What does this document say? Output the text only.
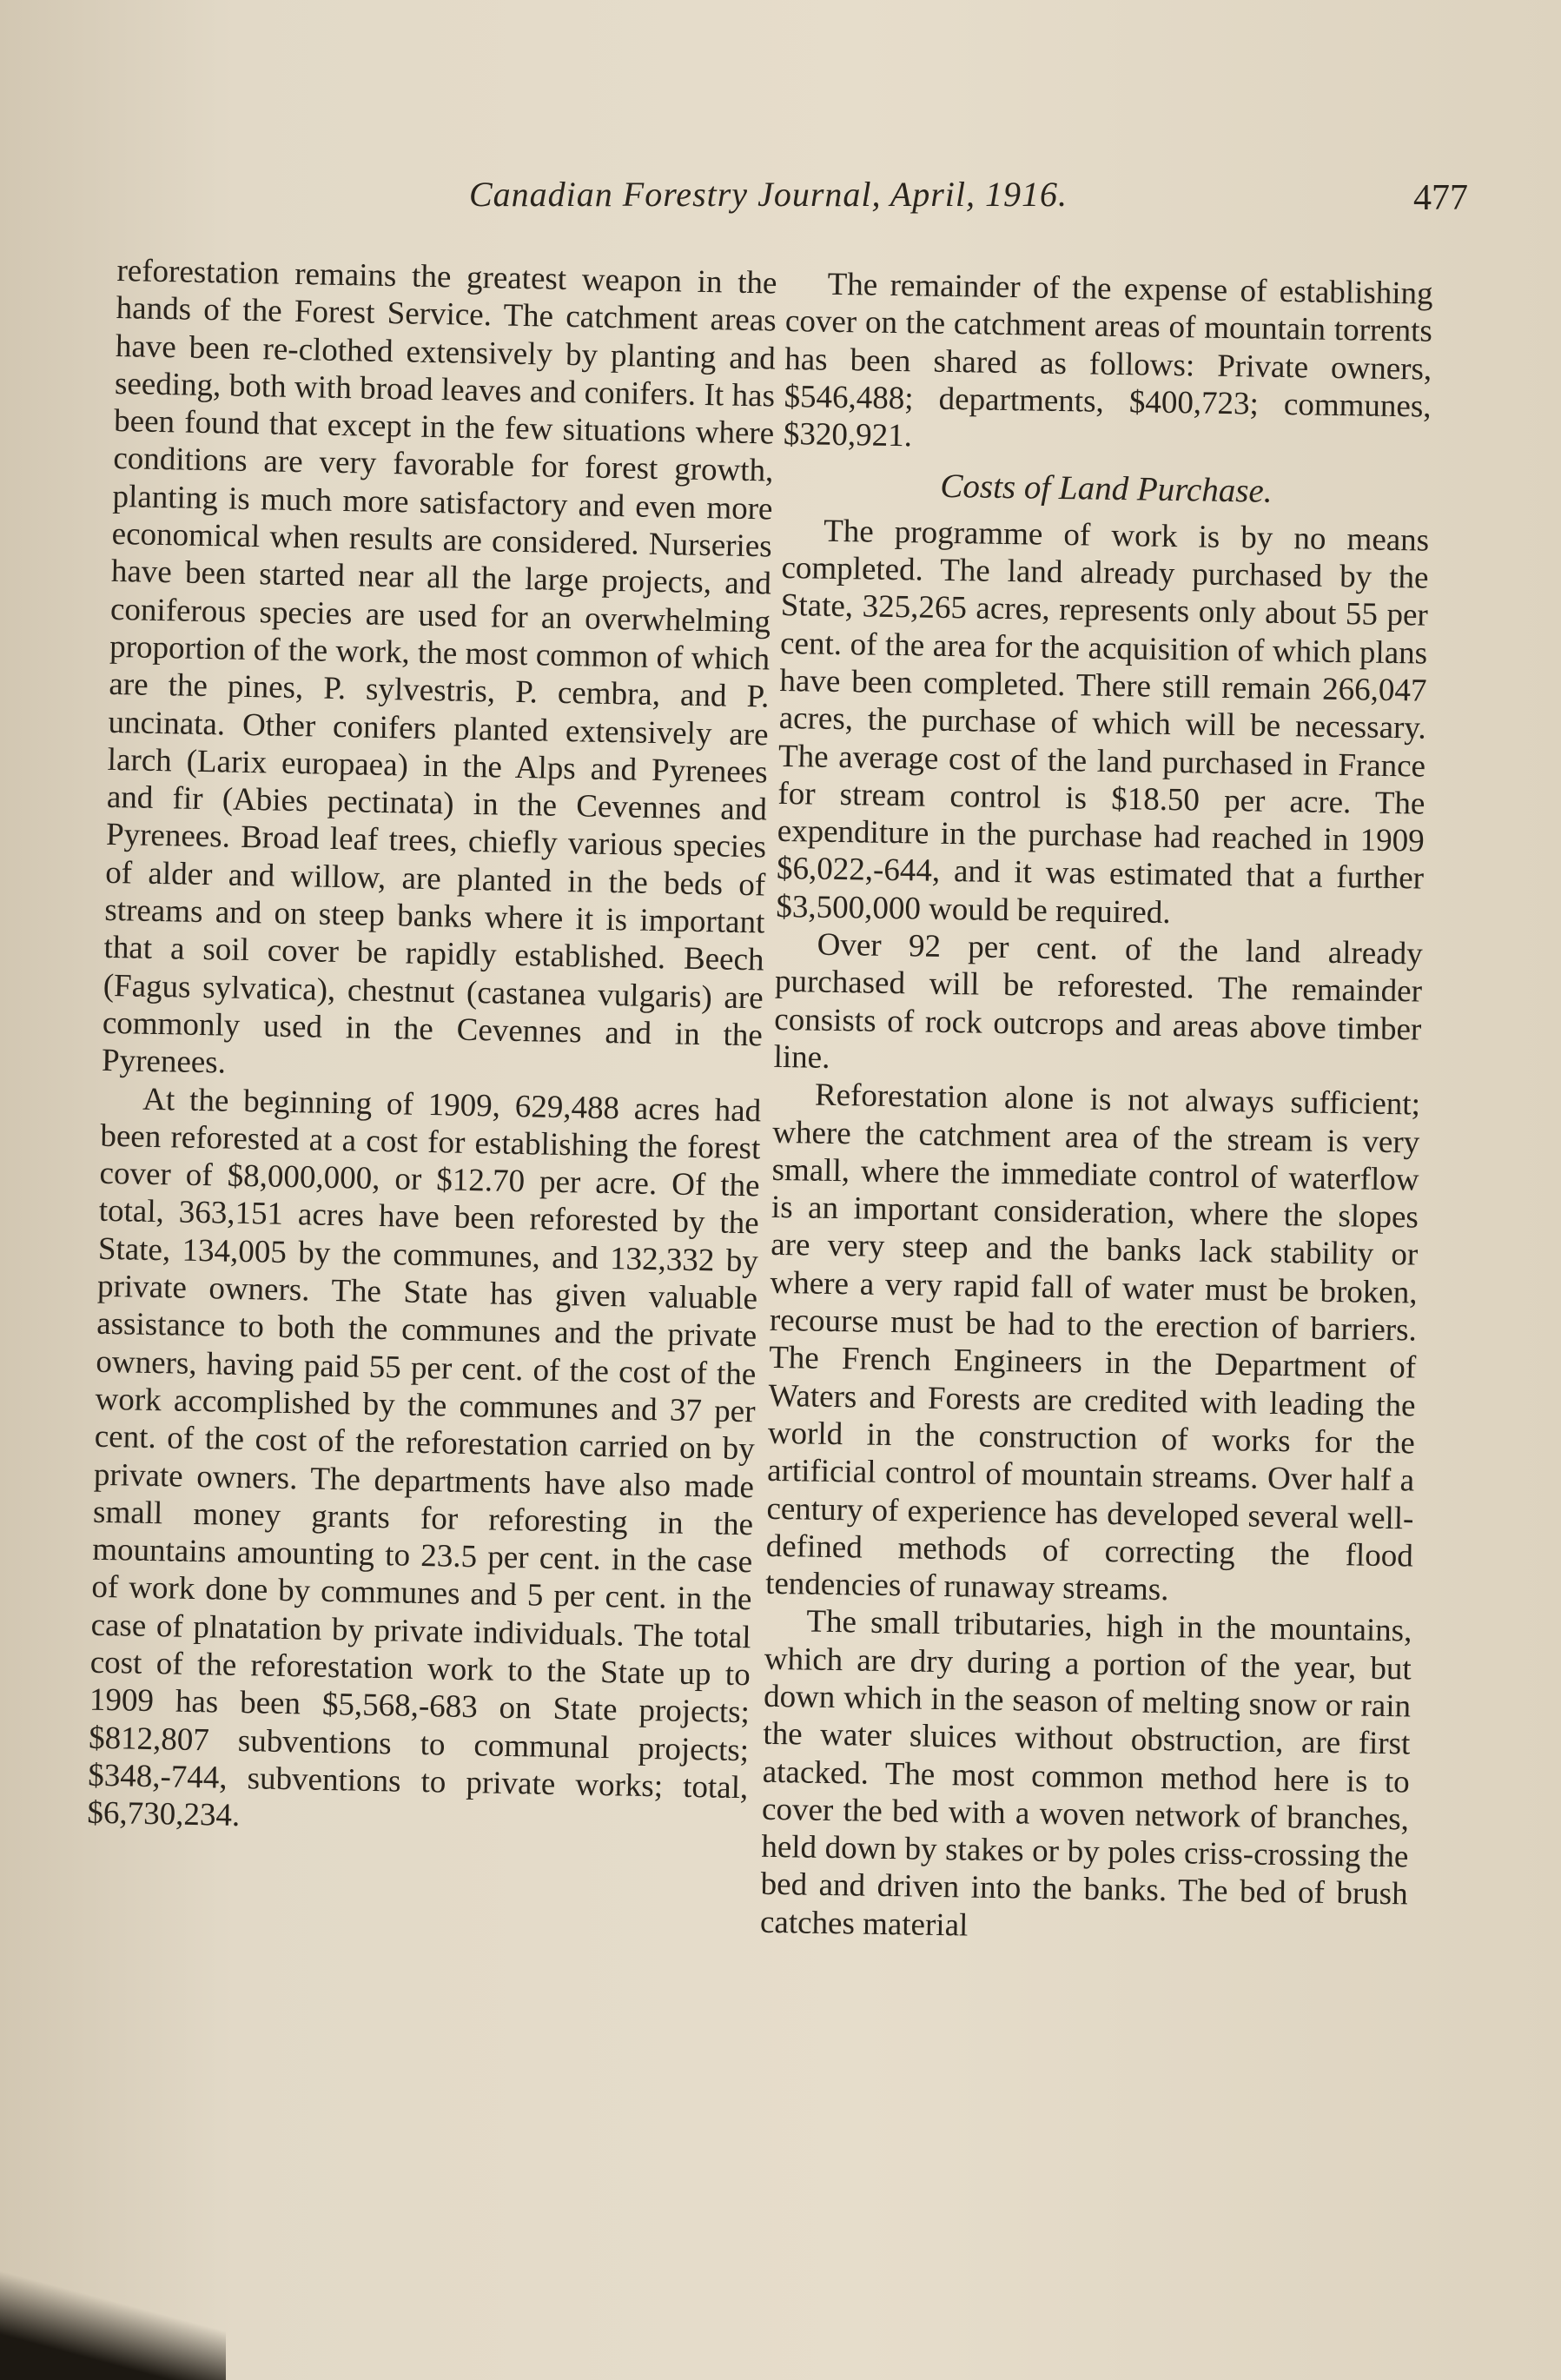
Canadian Forestry Journal, April, 1916.	477

reforestation remains the greatest weapon in the hands of the Forest Service. The catchment areas have been re-clothed extensively by planting and seeding, both with broad leaves and conifers. It has been found that except in the few situations where conditions are very favorable for forest growth, planting is much more satisfactory and even more economical when results are considered. Nurseries have been started near all the large projects, and coniferous species are used for an overwhelming proportion of the work, the most common of which are the pines, P. sylvestris, P. cembra, and P. uncinata. Other conifers planted extensively are larch (Larix europaea) in the Alps and Pyrenees and fir (Abies pectinata) in the Cevennes and Pyrenees. Broad leaf trees, chiefly various species of alder and willow, are planted in the beds of streams and on steep banks where it is important that a soil cover be rapidly established. Beech (Fagus sylvatica), chestnut (castanea vulgaris) are commonly used in the Cevennes and in the Pyrenees.

At the beginning of 1909, 629,488 acres had been reforested at a cost for establishing the forest cover of $8,000,000, or $12.70 per acre. Of the total, 363,151 acres have been reforested by the State, 134,005 by the communes, and 132,332 by private owners. The State has given valuable assistance to both the communes and the private owners, having paid 55 per cent. of the cost of the work accomplished by the communes and 37 per cent. of the cost of the reforestation carried on by private owners. The departments have also made small money grants for reforesting in the mountains amounting to 23.5 per cent. in the case of work done by communes and 5 per cent. in the case of plnatation by private individuals. The total cost of the reforestation work to the State up to 1909 has been $5,568,-683 on State projects; $812,807 subventions to communal projects; $348,-744, subventions to private works; total, $6,730,234.

The remainder of the expense of establishing cover on the catchment areas of mountain torrents has been shared as follows: Private owners, $546,488; departments, $400,723; communes, $320,921.

Costs of Land Purchase.

The programme of work is by no means completed. The land already purchased by the State, 325,265 acres, represents only about 55 per cent. of the area for the acquisition of which plans have been completed. There still remain 266,047 acres, the purchase of which will be necessary. The average cost of the land purchased in France for stream control is $18.50 per acre. The expenditure in the purchase had reached in 1909 $6,022,-644, and it was estimated that a further $3,500,000 would be required.

Over 92 per cent. of the land already purchased will be reforested. The remainder consists of rock outcrops and areas above timber line.

Reforestation alone is not always sufficient; where the catchment area of the stream is very small, where the immediate control of waterflow is an important consideration, where the slopes are very steep and the banks lack stability or where a very rapid fall of water must be broken, recourse must be had to the erection of barriers. The French Engineers in the Department of Waters and Forests are credited with leading the world in the construction of works for the artificial control of mountain streams. Over half a century of experience has developed several well-defined methods of correcting the flood tendencies of runaway streams.

The small tributaries, high in the mountains, which are dry during a portion of the year, but down which in the season of melting snow or rain the water sluices without obstruction, are first atacked. The most common method here is to cover the bed with a woven network of branches, held down by stakes or by poles criss-crossing the bed and driven into the banks. The bed of brush catches material
